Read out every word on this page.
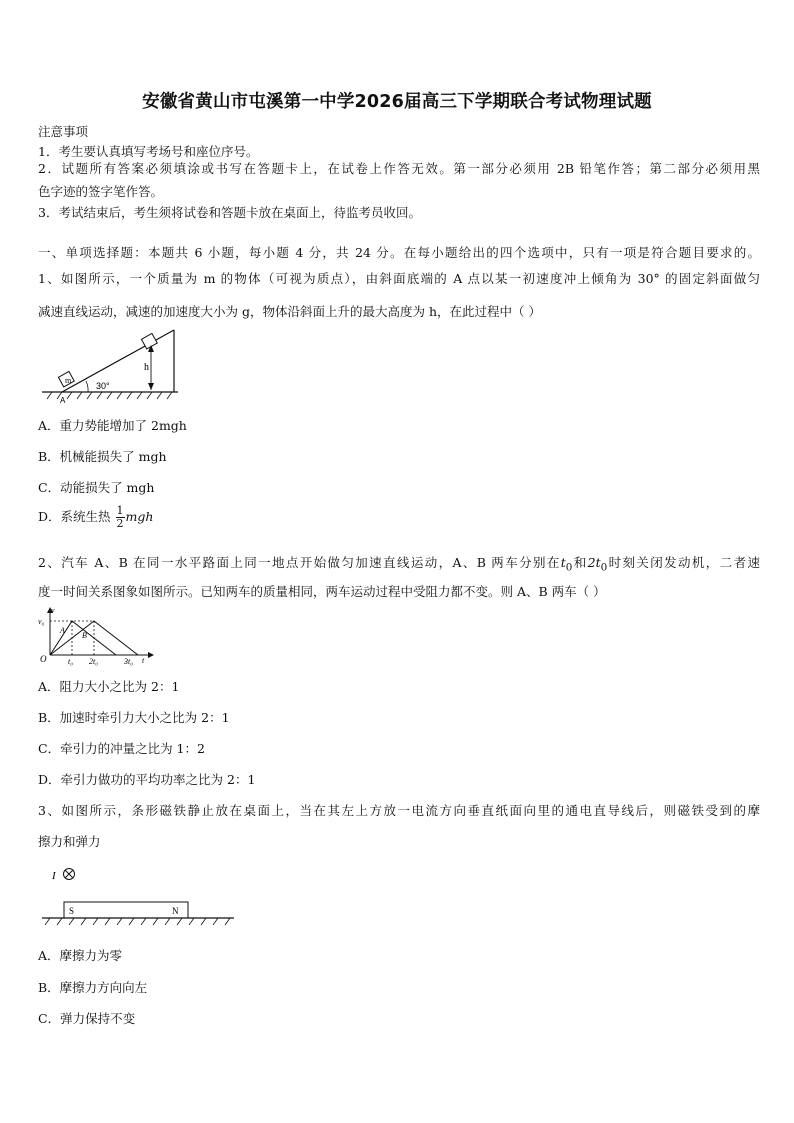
安徽省黄山市屯溪第一中学2026届高三下学期联合考试物理试题
注意事项
1．考生要认真填写考场号和座位序号。
2．试题所有答案必须填涂或书写在答题卡上，在试卷上作答无效。第一部分必须用 2B 铅笔作答；第二部分必须用黑
色字迹的签字笔作答。
3．考试结束后，考生须将试卷和答题卡放在桌面上，待监考员收回。
一、单项选择题：本题共 6 小题，每小题 4 分，共 24 分。在每小题给出的四个选项中，只有一项是符合题目要求的。
1、如图所示，一个质量为 m 的物体（可视为质点），由斜面底端的 A 点以某一初速度冲上倾角为 30° 的固定斜面做匀
减速直线运动，减速的加速度大小为 g，物体沿斜面上升的最大高度为 h，在此过程中（ ）
m
30°
h
A
A．重力势能增加了 2mgh
B．机械能损失了 mgh
C．动能损失了 mgh
D．系统生热 $\frac{1}{2}$ mgh
2、汽车 A、B 在同一水平路面上同一地点开始做匀加速直线运动，A、B 两车分别在$t_0$和$2t_0$时刻关闭发动机，二者速
度一时间关系图象如图所示。已知两车的质量相同，两车运动过程中受阻力都不变。则 A、B 两车（ ）
v
v₀
O	t
t₀ 2t₀	3t₀
A
B
A．阻力大小之比为 2：1
B．加速时牵引力大小之比为 2：1
C．牵引力的冲量之比为 1：2
D．牵引力做功的平均功率之比为 2：1
3、如图所示，条形磁铁静止放在桌面上，当在其左上方放一电流方向垂直纸面向里的通电直导线后，则磁铁受到的摩
擦力和弹力
I
S	N
A．摩擦力为零
B．摩擦力方向向左
C．弹力保持不变
